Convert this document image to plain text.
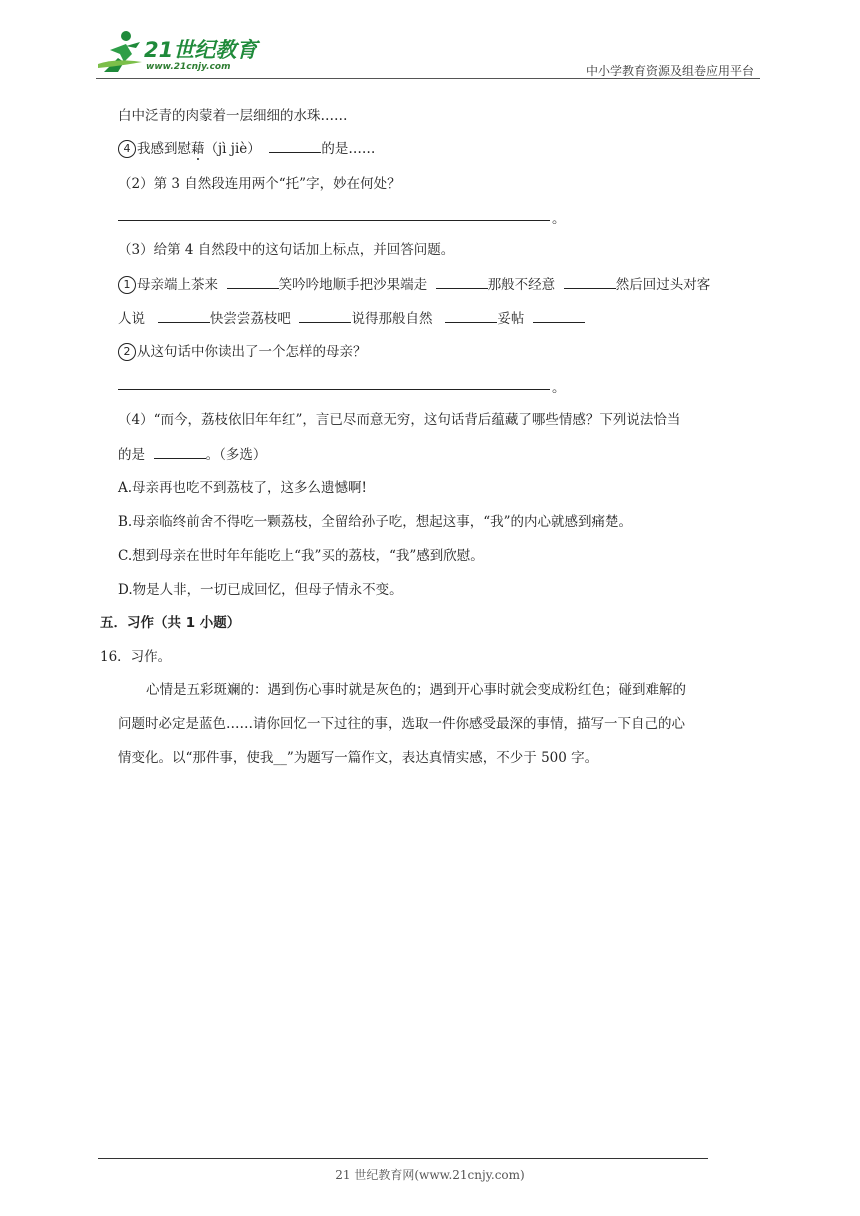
21世纪教育
www.21cnjy.com	中小学教育资源及组卷应用平台
白中泛青的肉蒙着一层细细的水珠……
4 我感到慰藉（jì jiè）	的是……
（2）第 3 自然段连用两个“托”字，妙在何处？
。
（3）给第 4 自然段中的这句话加上标点，并回答问题。
1 母亲端上茶来	笑吟吟地顺手把沙果端走	那般不经意	然后回过头对客
人说	快尝尝荔枝吧	说得那般自然	妥帖
2 从这句话中你读出了一个怎样的母亲？
。
（4）“而今，荔枝依旧年年红”，言已尽而意无穷，这句话背后蕴藏了哪些情感？下列说法恰当
的是	。（多选）
A.母亲再也吃不到荔枝了，这多么遗憾啊!
B.母亲临终前舍不得吃一颗荔枝，全留给孙子吃，想起这事，“我”的内心就感到痛楚。
C.想到母亲在世时年年能吃上“我”买的荔枝，“我”感到欣慰。
D.物是人非，一切已成回忆，但母子情永不变。
五．习作（共 1 小题）
16．习作。
心情是五彩斑斓的：遇到伤心事时就是灰色的；遇到开心事时就会变成粉红色；碰到难解的
问题时必定是蓝色……请你回忆一下过往的事，选取一件你感受最深的事情，描写一下自己的心
情变化。以“那件事，使我__”为题写一篇作文，表达真情实感，不少于 500 字。
21 世纪教育网(www.21cnjy.com)
